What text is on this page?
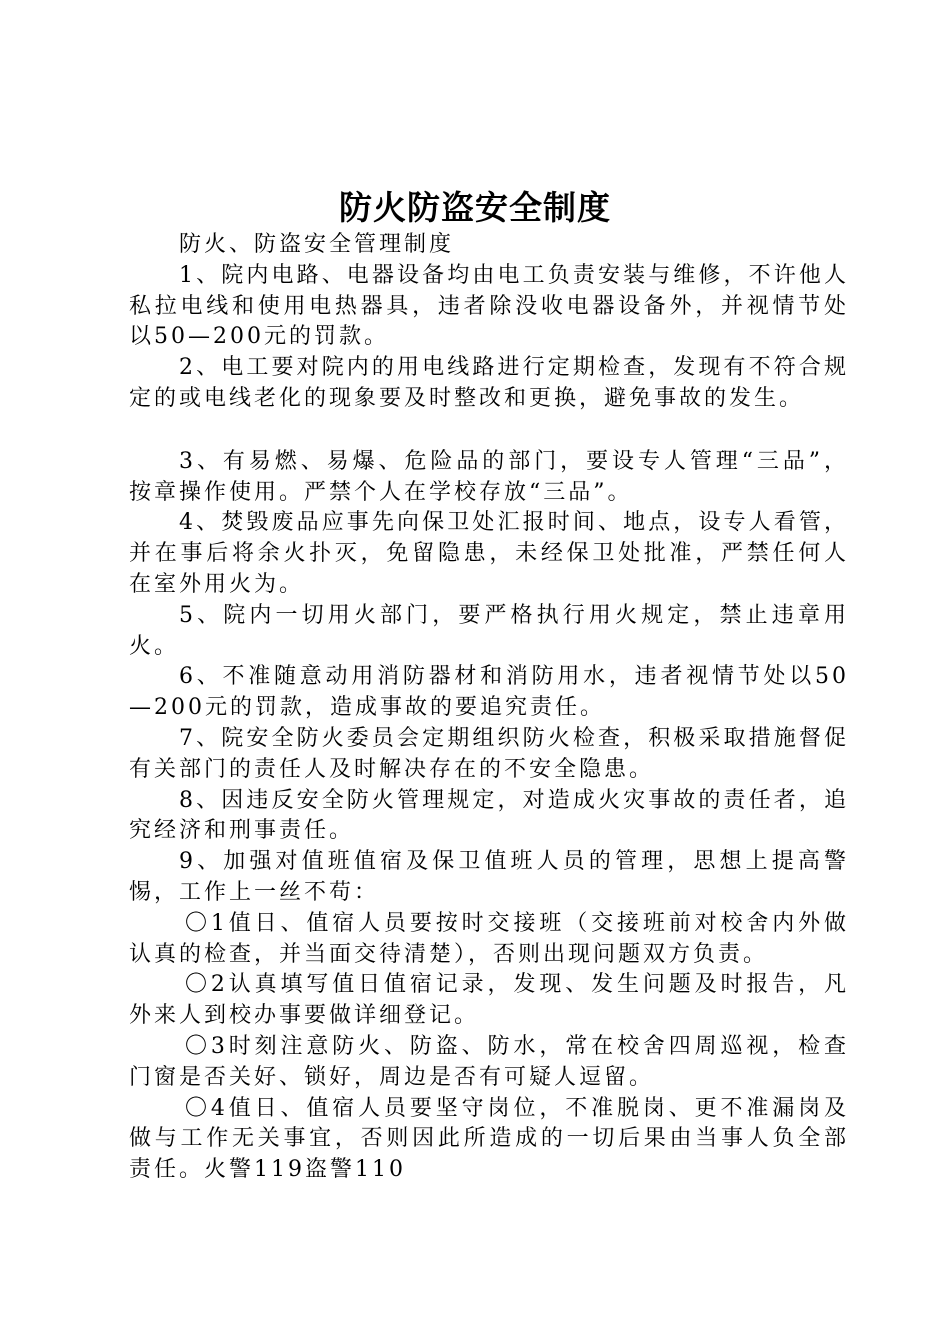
防火防盗安全制度

防火、防盗安全管理制度

1、院内电路、电器设备均由电工负责安装与维修，不许他人私拉电线和使用电热器具，违者除没收电器设备外，并视情节处以50—200元的罚款。

2、电工要对院内的用电线路进行定期检查，发现有不符合规定的或电线老化的现象要及时整改和更换，避免事故的发生。

3、有易燃、易爆、危险品的部门，要设专人管理“三品”，按章操作使用。严禁个人在学校存放“三品”。

4、焚毁废品应事先向保卫处汇报时间、地点，设专人看管，并在事后将余火扑灭，免留隐患，未经保卫处批准，严禁任何人在室外用火为。

5、院内一切用火部门，要严格执行用火规定，禁止违章用火。

6、不准随意动用消防器材和消防用水，违者视情节处以50—200元的罚款，造成事故的要追究责任。

7、院安全防火委员会定期组织防火检查，积极采取措施督促有关部门的责任人及时解决存在的不安全隐患。

8、因违反安全防火管理规定，对造成火灾事故的责任者，追究经济和刑事责任。

9、加强对值班值宿及保卫值班人员的管理，思想上提高警惕，工作上一丝不苟：

〇1值日、值宿人员要按时交接班（交接班前对校舍内外做认真的检查，并当面交待清楚），否则出现问题双方负责。

〇2认真填写值日值宿记录，发现、发生问题及时报告，凡外来人到校办事要做详细登记。

〇3时刻注意防火、防盗、防水，常在校舍四周巡视，检查门窗是否关好、锁好，周边是否有可疑人逗留。

〇4值日、值宿人员要坚守岗位，不准脱岗、更不准漏岗及做与工作无关事宜，否则因此所造成的一切后果由当事人负全部责任。火警119盗警110
